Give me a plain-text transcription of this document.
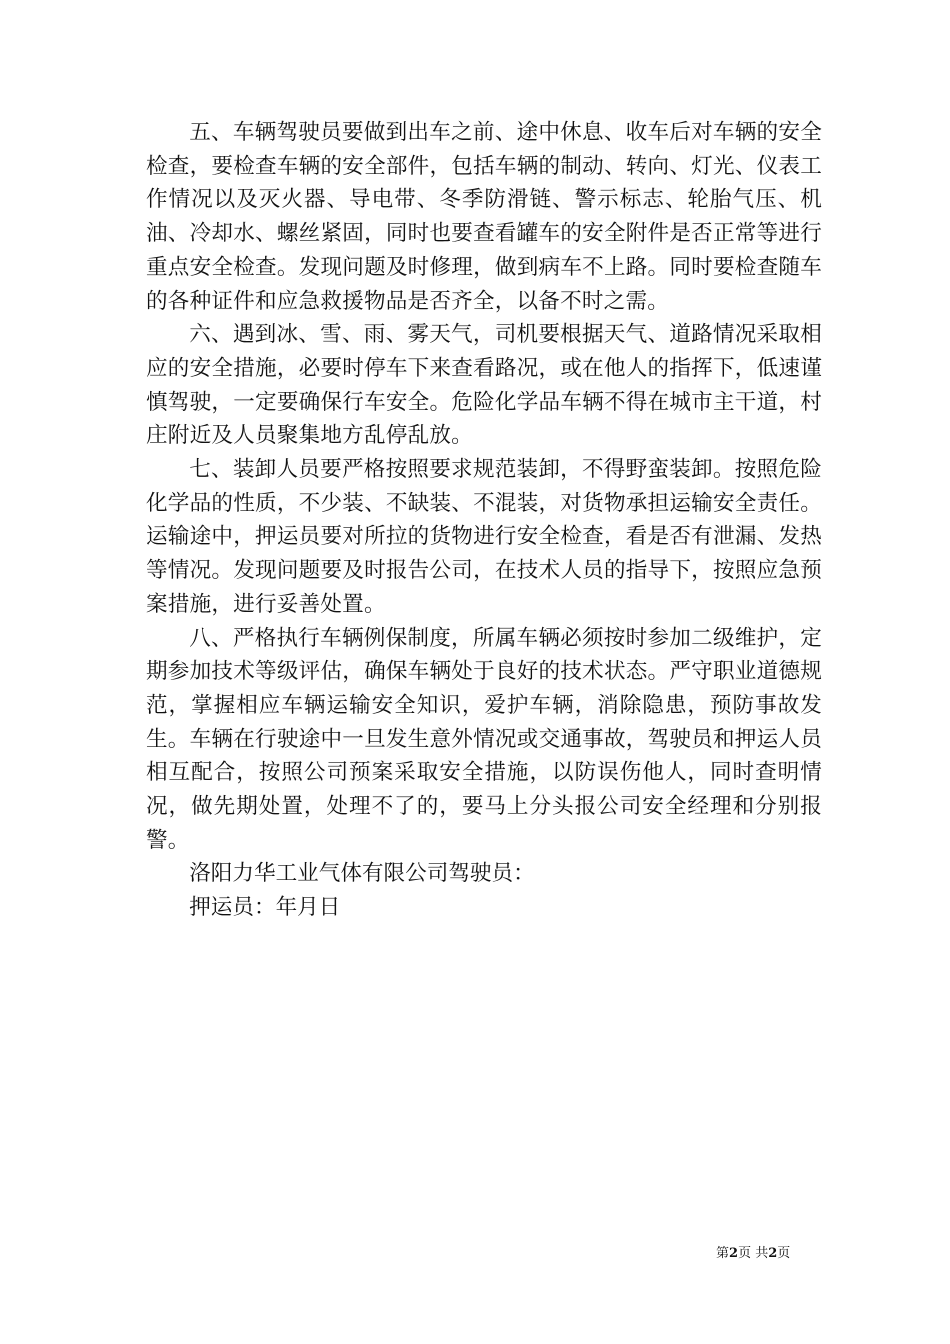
五、车辆驾驶员要做到出车之前、途中休息、收车后对车辆的安全检查，要检查车辆的安全部件，包括车辆的制动、转向、灯光、仪表工作情况以及灭火器、导电带、冬季防滑链、警示标志、轮胎气压、机油、冷却水、螺丝紧固，同时也要查看罐车的安全附件是否正常等进行重点安全检查。发现问题及时修理，做到病车不上路。同时要检查随车的各种证件和应急救援物品是否齐全，以备不时之需。

六、遇到冰、雪、雨、雾天气，司机要根据天气、道路情况采取相应的安全措施，必要时停车下来查看路况，或在他人的指挥下，低速谨慎驾驶，一定要确保行车安全。危险化学品车辆不得在城市主干道，村庄附近及人员聚集地方乱停乱放。

七、装卸人员要严格按照要求规范装卸，不得野蛮装卸。按照危险化学品的性质，不少装、不缺装、不混装，对货物承担运输安全责任。运输途中，押运员要对所拉的货物进行安全检查，看是否有泄漏、发热等情况。发现问题要及时报告公司，在技术人员的指导下，按照应急预案措施，进行妥善处置。

八、严格执行车辆例保制度，所属车辆必须按时参加二级维护，定期参加技术等级评估，确保车辆处于良好的技术状态。严守职业道德规范，掌握相应车辆运输安全知识，爱护车辆，消除隐患，预防事故发生。车辆在行驶途中一旦发生意外情况或交通事故，驾驶员和押运人员相互配合，按照公司预案采取安全措施，以防误伤他人，同时查明情况，做先期处置，处理不了的，要马上分头报公司安全经理和分别报警。

洛阳力华工业气体有限公司驾驶员：

押运员：年月日

第2页 共2页
